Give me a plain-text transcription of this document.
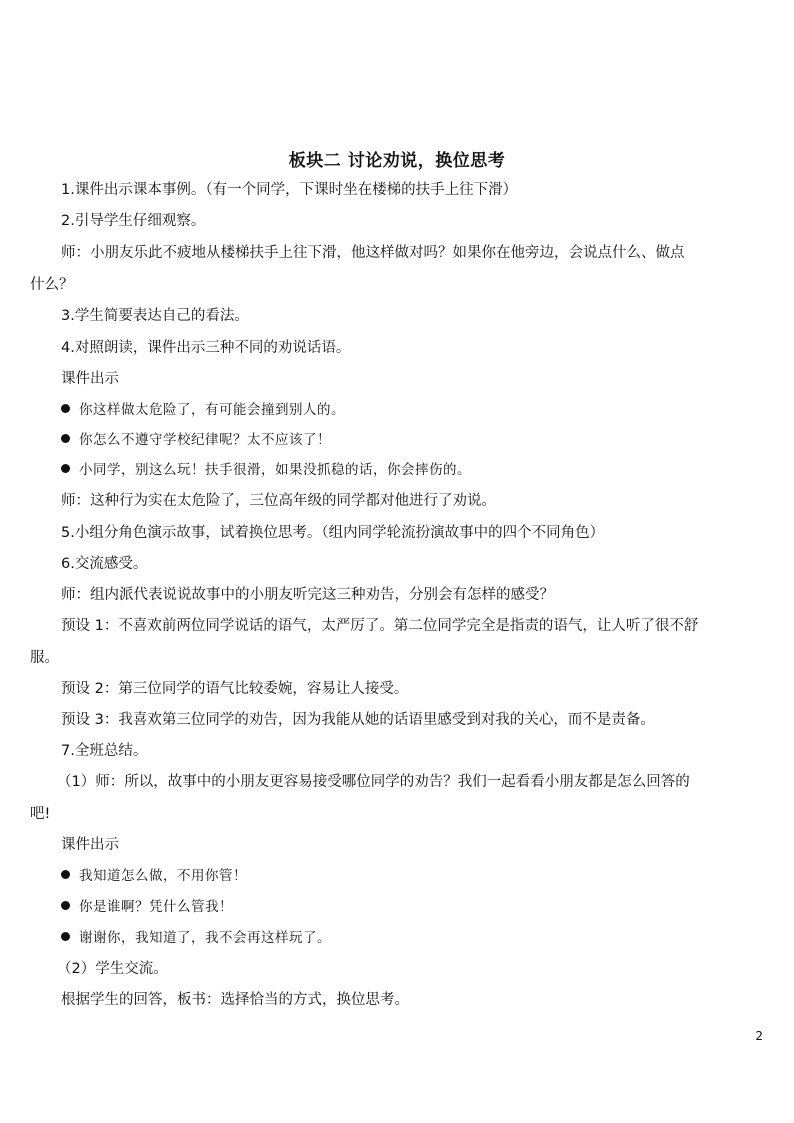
板块二 讨论劝说，换位思考
1.课件出示课本事例。（有一个同学，下课时坐在楼梯的扶手上往下滑）
2.引导学生仔细观察。
师：小朋友乐此不疲地从楼梯扶手上往下滑，他这样做对吗？如果你在他旁边，会说点什么、做点
什么？
3.学生简要表达自己的看法。
4.对照朗读，课件出示三种不同的劝说话语。
课件出示
你这样做太危险了，有可能会撞到别人的。
你怎么不遵守学校纪律呢？太不应该了！
小同学，别这么玩！扶手很滑，如果没抓稳的话，你会摔伤的。
师：这种行为实在太危险了，三位高年级的同学都对他进行了劝说。
5.小组分角色演示故事，试着换位思考。（组内同学轮流扮演故事中的四个不同角色）
6.交流感受。
师：组内派代表说说故事中的小朋友听完这三种劝告，分别会有怎样的感受？
预设 1：不喜欢前两位同学说话的语气，太严厉了。第二位同学完全是指责的语气，让人听了很不舒
服。
预设 2：第三位同学的语气比较委婉，容易让人接受。
预设 3：我喜欢第三位同学的劝告，因为我能从她的话语里感受到对我的关心，而不是责备。
7.全班总结。
（1）师：所以，故事中的小朋友更容易接受哪位同学的劝告？我们一起看看小朋友都是怎么回答的
吧!
课件出示
我知道怎么做，不用你管！
你是谁啊？凭什么管我！
谢谢你，我知道了，我不会再这样玩了。
（2）学生交流。
根据学生的回答，板书：选择恰当的方式，换位思考。
2
